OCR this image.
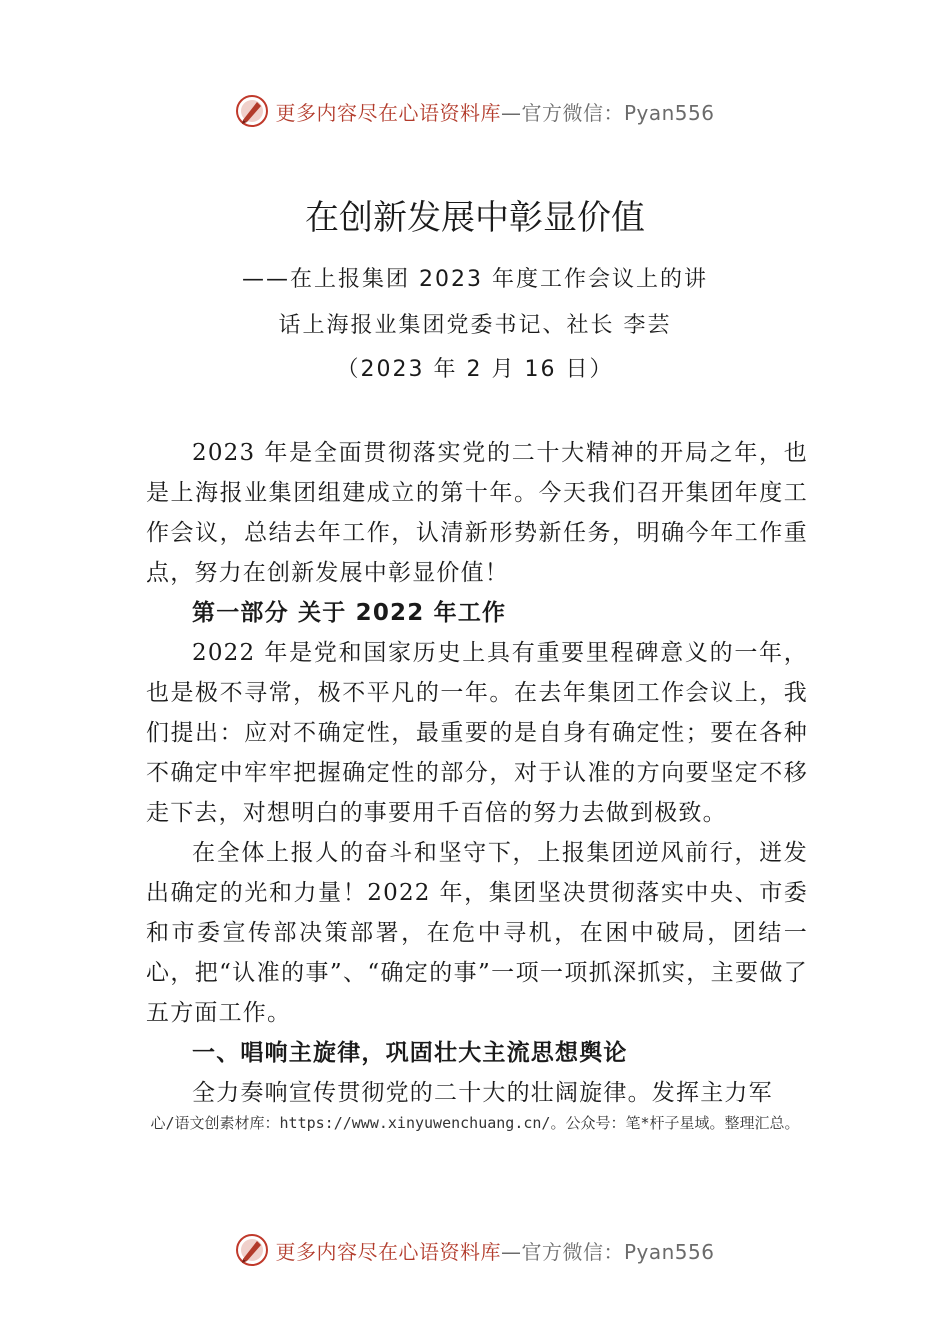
更多内容尽在心语资料库 —官方微信：Pyan556
在创新发展中彰显价值
——在上报集团 2023 年度工作会议上的讲
话上海报业集团党委书记、社长 李芸
（2023 年 2 月 16 日）

2023 年是全面贯彻落实党的二十大精神的开局之年，也是上海报业集团组建成立的第十年。今天我们召开集团年度工作会议，总结去年工作，认清新形势新任务，明确今年工作重点，努力在创新发展中彰显价值！

第一部分 关于 2022 年工作

2022 年是党和国家历史上具有重要里程碑意义的一年，也是极不寻常，极不平凡的一年。在去年集团工作会议上，我们提出：应对不确定性，最重要的是自身有确定性；要在各种不确定中牢牢把握确定性的部分，对于认准的方向要坚定不移走下去，对想明白的事要用千百倍的努力去做到极致。

在全体上报人的奋斗和坚守下，上报集团逆风前行，迸发出确定的光和力量！2022 年，集团坚决贯彻落实中央、市委和市委宣传部决策部署，在危中寻机，在困中破局，团结一心，把“认准的事”、“确定的事”一项一项抓深抓实，主要做了五方面工作。

一、唱响主旋律，巩固壮大主流思想舆论

全力奏响宣传贯彻党的二十大的壮阔旋律。发挥主力军

心/语文创素材库：https://www.xinyuwenchuang.cn/。公众号：笔*杆子星域。整理汇总。
更多内容尽在心语资料库 —官方微信：Pyan556
